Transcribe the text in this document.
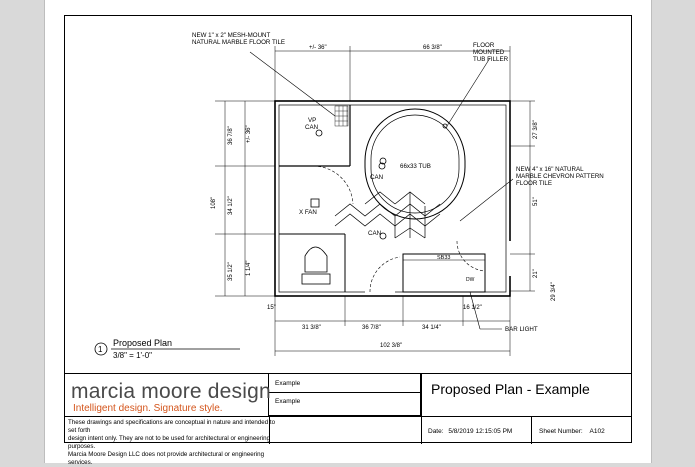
NEW 1" x 2" MESH-MOUNT
NATURAL MARBLE FLOOR TILE	FLOOR
MOUNTED
TUB FILLER
NEW 4" x 16" NATURAL
MARBLE CHEVRON PATTERN
FLOOR TILE
BAR LIGHT
VP
CAN
CAN
CAN
X FAN
66x33 TUB
SB33
DW
+/- 36"	66 3/8"
36 7/8" +/- 36"
108" 34 1/2"
35 1/2" 1 1/4"
27 3/8"
51"
21"
29 3/4"
15"
31 3/8"	36 7/8"	34 1/4"
16 1/2"
102 3/8"
1
Proposed Plan
3/8" = 1'-0"
marcia moore design
Intelligent design. Signature style.
These drawings and specifications are conceptual in nature and intended to set forth
design intent only. They are not to be used for architectural or engineering purposes.
Marcia Moore Design LLC does not provide architectural or engineering services.
Example
Example
Proposed Plan - Example
Date: 5/8/2019 12:15:05 PM	Sheet Number: A102
